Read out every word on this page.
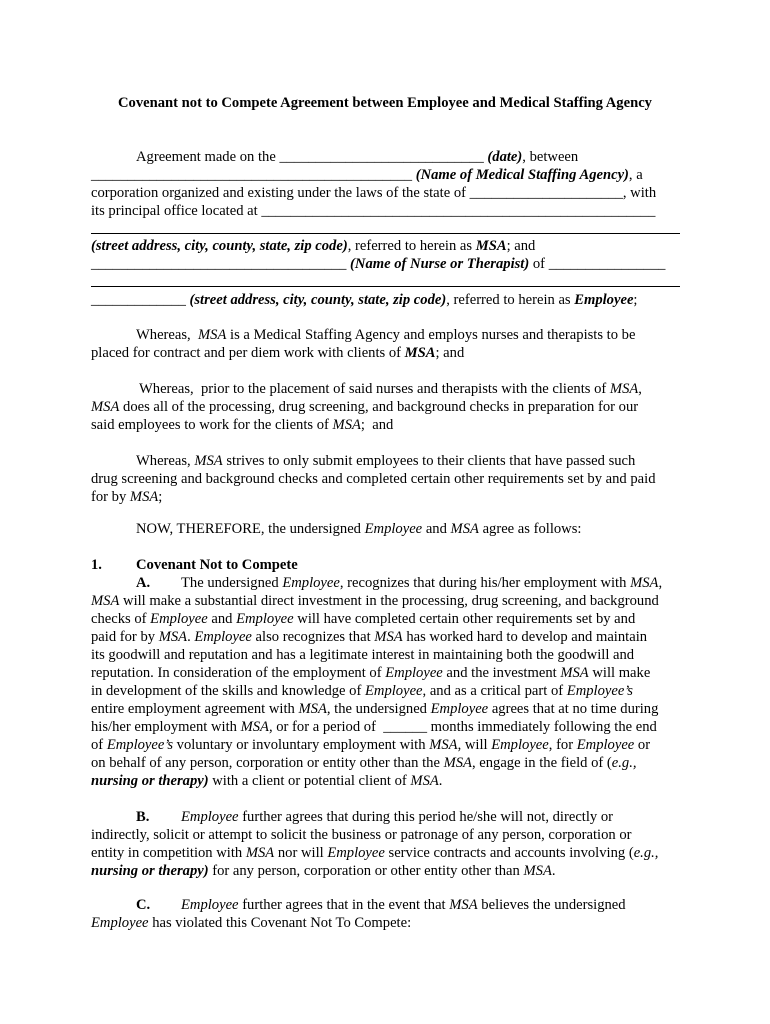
Covenant not to Compete Agreement between Employee and Medical Staffing Agency
Agreement made on the ____________________________ (date), between
____________________________________________ (Name of Medical Staffing Agency), a
corporation organized and existing under the laws of the state of _____________________, with
its principal office located at ______________________________________________________
(street address, city, county, state, zip code), referred to herein as MSA; and
___________________________________ (Name of Nurse or Therapist) of ________________
_____________ (street address, city, county, state, zip code), referred to herein as Employee;
Whereas,  MSA is a Medical Staffing Agency and employs nurses and therapists to be
placed for contract and per diem work with clients of MSA; and
Whereas,  prior to the placement of said nurses and therapists with the clients of MSA,
MSA does all of the processing, drug screening, and background checks in preparation for our
said employees to work for the clients of MSA;  and
Whereas, MSA strives to only submit employees to their clients that have passed such
drug screening and background checks and completed certain other requirements set by and paid
for by MSA;
NOW, THEREFORE, the undersigned Employee and MSA agree as follows:
1. Covenant Not to Compete
A. The undersigned Employee, recognizes that during his/her employment with MSA,
MSA will make a substantial direct investment in the processing, drug screening, and background
checks of Employee and Employee will have completed certain other requirements set by and
paid for by MSA. Employee also recognizes that MSA has worked hard to develop and maintain
its goodwill and reputation and has a legitimate interest in maintaining both the goodwill and
reputation. In consideration of the employment of Employee and the investment MSA will make
in development of the skills and knowledge of Employee, and as a critical part of Employee’s
entire employment agreement with MSA, the undersigned Employee agrees that at no time during
his/her employment with MSA, or for a period of  ______ months immediately following the end
of Employee’s voluntary or involuntary employment with MSA, will Employee, for Employee or
on behalf of any person, corporation or entity other than the MSA, engage in the field of (e.g.,
nursing or therapy) with a client or potential client of MSA.
B. Employee further agrees that during this period he/she will not, directly or
indirectly, solicit or attempt to solicit the business or patronage of any person, corporation or
entity in competition with MSA nor will Employee service contracts and accounts involving (e.g.,
nursing or therapy) for any person, corporation or other entity other than MSA.
C. Employee further agrees that in the event that MSA believes the undersigned
Employee has violated this Covenant Not To Compete:
